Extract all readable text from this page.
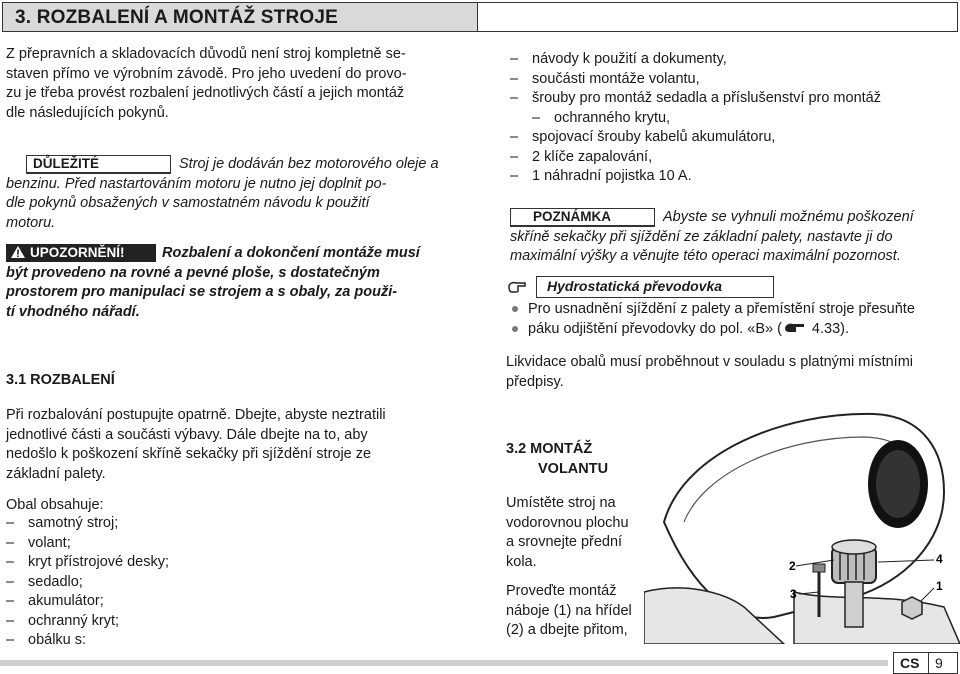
3. ROZBALENÍ A MONTÁŽ STROJE
Z přepravních a skladovacích důvodů není stroj kompletně se-
staven přímo ve výrobním závodě. Pro jeho uvedení do provo-
zu je třeba provést rozbalení jednotlivých částí a jejich montáž
dle následujících pokynů.
DŮLEŽITÉ	Stroj je dodáván bez motorového oleje a
benzinu. Před nastartováním motoru je nutno jej doplnit po-
dle pokynů obsažených v samostatném návodu k použití
motoru.
UPOZORNĚNÍ!	Rozbalení a dokončení montáže musí
být provedeno na rovné a pevné ploše, s dostatečným
prostorem pro manipulaci se strojem a s obaly, za použi-
tí vhodného nářadí.
3.1 ROZBALENÍ
Při rozbalování postupujte opatrně. Dbejte, abyste neztratili
jednotlivé části a součásti výbavy. Dále dbejte na to, aby
nedošlo k poškození skříně sekačky při sjíždění stroje ze
základní palety.
Obal obsahuje:
– samotný stroj;
– volant;
– kryt přístrojové desky;
– sedadlo;
– akumulátor;
– ochranný kryt;
– obálku s:
– návody k použití a dokumenty,
– součásti montáže volantu,
– šrouby pro montáž sedadla a příslušenství pro montáž
– ochranného krytu,
– spojovací šrouby kabelů akumulátoru,
– 2 klíče zapalování,
– 1 náhradní pojistka 10 A.
POZNÁMKA	Abyste se vyhnuli možnému poškození
skříně sekačky při sjíždění ze základní palety, nastavte ji do
maximální výšky a věnujte této operaci maximální pozornost.
Hydrostatická převodovka
Pro usnadnění sjíždění z palety a přemístění stroje přesuňte
páku odjištění převodovky do pol. «B» ( 4.33).
Likvidace obalů musí proběhnout v souladu s platnými místními
předpisy.
3.2 MONTÁŽ
VOLANTU
Umístěte stroj na
vodorovnou plochu
a srovnejte přední
kola.
Proveďte montáž
náboje (1) na hřídel
(2) a dbejte přitom,
2
3
4
1
CS 9
